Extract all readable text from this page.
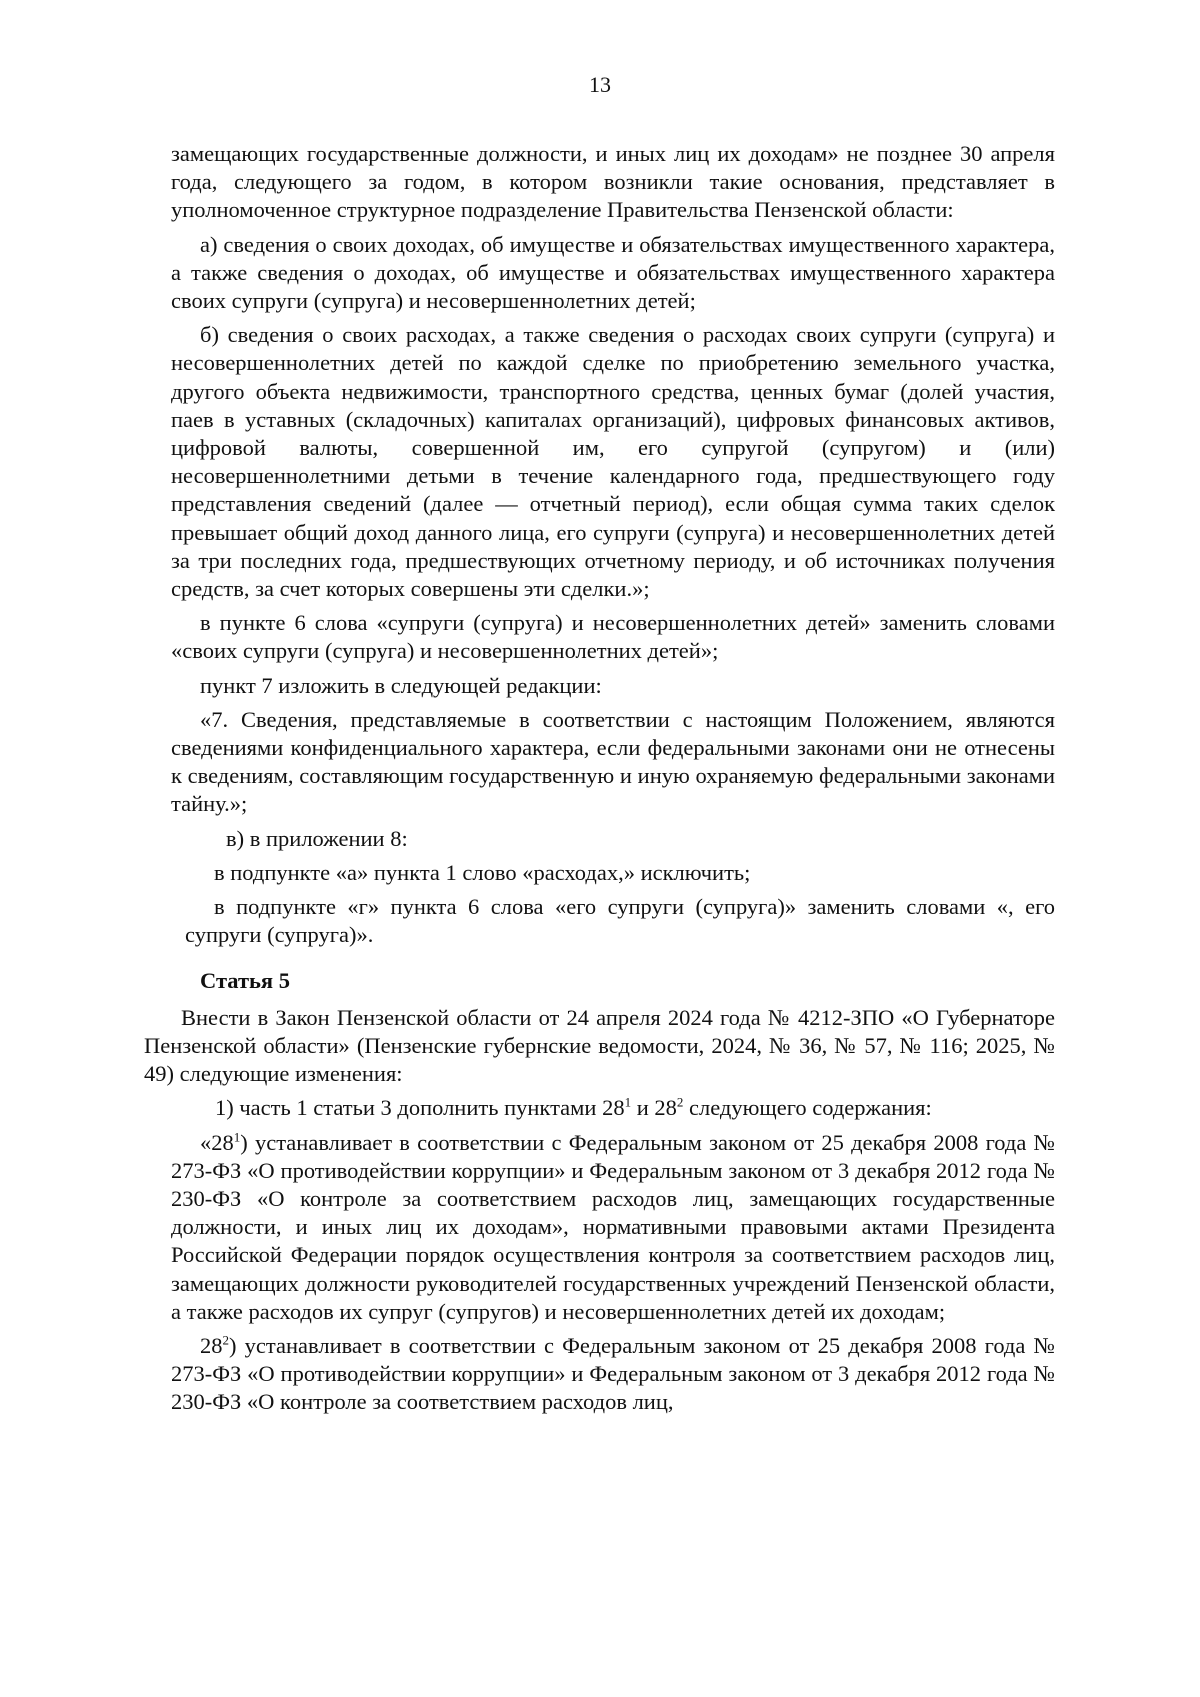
13

замещающих государственные должности, и иных лиц их доходам» не позднее 30 апреля года, следующего за годом, в котором возникли такие основания, представляет в уполномоченное структурное подразделение Правительства Пензенской области:

а) сведения о своих доходах, об имуществе и обязательствах имущественного характера, а также сведения о доходах, об имуществе и обязательствах имущественного характера своих супруги (супруга) и несовершеннолетних детей;

б) сведения о своих расходах, а также сведения о расходах своих супруги (супруга) и несовершеннолетних детей по каждой сделке по приобретению земельного участка, другого объекта недвижимости, транспортного средства, ценных бумаг (долей участия, паев в уставных (складочных) капиталах организаций), цифровых финансовых активов, цифровой валюты, совершенной им, его супругой (супругом) и (или) несовершеннолетними детьми в течение календарного года, предшествующего году представления сведений (далее — отчетный период), если общая сумма таких сделок превышает общий доход данного лица, его супруги (супруга) и несовершеннолетних детей за три последних года, предшествующих отчетному периоду, и об источниках получения средств, за счет которых совершены эти сделки.»;

в пункте 6 слова «супруги (супруга) и несовершеннолетних детей» заменить словами «своих супруги (супруга) и несовершеннолетних детей»;

пункт 7 изложить в следующей редакции:

«7. Сведения, представляемые в соответствии с настоящим Положением, являются сведениями конфиденциального характера, если федеральными законами они не отнесены к сведениям, составляющим государственную и иную охраняемую федеральными законами тайну.»;

в) в приложении 8:

в подпункте «а» пункта 1 слово «расходах,» исключить;

в подпункте «г» пункта 6 слова «его супруги (супруга)» заменить словами «, его супруги (супруга)».

Статья 5

Внести в Закон Пензенской области от 24 апреля 2024 года № 4212-ЗПО «О Губернаторе Пензенской области» (Пензенские губернские ведомости, 2024, № 36, № 57, № 116; 2025, № 49) следующие изменения:

1) часть 1 статьи 3 дополнить пунктами $28^1$ и $28^2$ следующего содержания:

«$28^1$) устанавливает в соответствии с Федеральным законом от 25 декабря 2008 года № 273-ФЗ «О противодействии коррупции» и Федеральным законом от 3 декабря 2012 года № 230-ФЗ «О контроле за соответствием расходов лиц, замещающих государственные должности, и иных лиц их доходам», нормативными правовыми актами Президента Российской Федерации порядок осуществления контроля за соответствием расходов лиц, замещающих должности руководителей государственных учреждений Пензенской области, а также расходов их супруг (супругов) и несовершеннолетних детей их доходам;

$28^2$) устанавливает в соответствии с Федеральным законом от 25 декабря 2008 года № 273-ФЗ «О противодействии коррупции» и Федеральным законом от 3 декабря 2012 года № 230-ФЗ «О контроле за соответствием расходов лиц,
